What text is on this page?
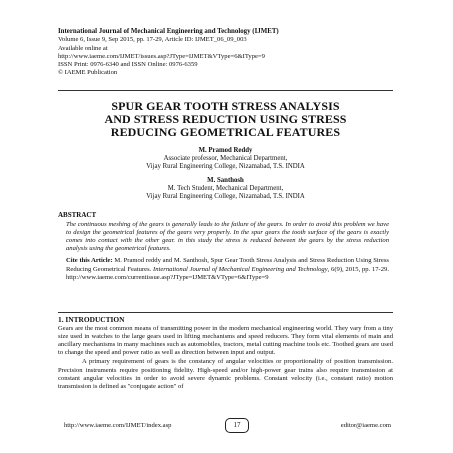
International Journal of Mechanical Engineering and Technology (IJMET)
Volume 6, Issue 9, Sep 2015, pp. 17-29, Article ID: IJMET_06_09_003
Available online at
http://www.iaeme.com/IJMET/issues.asp?JType=IJMET&VType=6&IType=9
ISSN Print: 0976-6340 and ISSN Online: 0976-6359
© IAEME Publication
SPUR GEAR TOOTH STRESS ANALYSIS
AND STRESS REDUCTION USING STRESS
REDUCING GEOMETRICAL FEATURES
M. Pramod Reddy
Associate professor, Mechanical Department,
Vijay Rural Engineering College, Nizamabad, T.S. INDIA
M. Santhosh
M. Tech Student, Mechanical Department,
Vijay Rural Engineering College, Nizamabad, T.S. INDIA
ABSTRACT
The continuous meshing of the gears is generally leads to the failure of the gears. In order to avoid this problem we have to design the geometrical features of the gears very properly. In the spur gears the tooth surface of the gears is exactly comes into contact with the other gear. in this study the stress is reduced between the gears by the stress reduction analysis using the geometrical features.
Cite this Article: M. Pramod reddy and M. Santhosh, Spur Gear Tooth Stress Analysis and Stress Reduction Using Stress Reducing Geometrical Features. International Journal of Mechanical Engineering and Technology, 6(9), 2015, pp. 17-29. http://www.iaeme.com/currentissue.asp?JType=IJMET&VType=6&IType=9
1. INTRODUCTION

Gears are the most common means of transmitting power in the modern mechanical engineering world. They vary from a tiny size used in watches to the large gears used in lifting mechanisms and speed reducers. They form vital elements of main and ancillary mechanisms in many machines such as automobiles, tractors, metal cutting machine tools etc. Toothed gears are used to change the speed and power ratio as well as direction between input and output.

A primary requirement of gears is the constancy of angular velocities or proportionality of position transmission. Precision instruments require positioning fidelity. High-speed and/or high-power gear trains also require transmission at constant angular velocities in order to avoid severe dynamic problems. Constant velocity (i.e., constant ratio) motion transmission is defined as "conjugate action" of

http://www.iaeme.com/IJMET/index.asp	17	editor@iaeme.com
